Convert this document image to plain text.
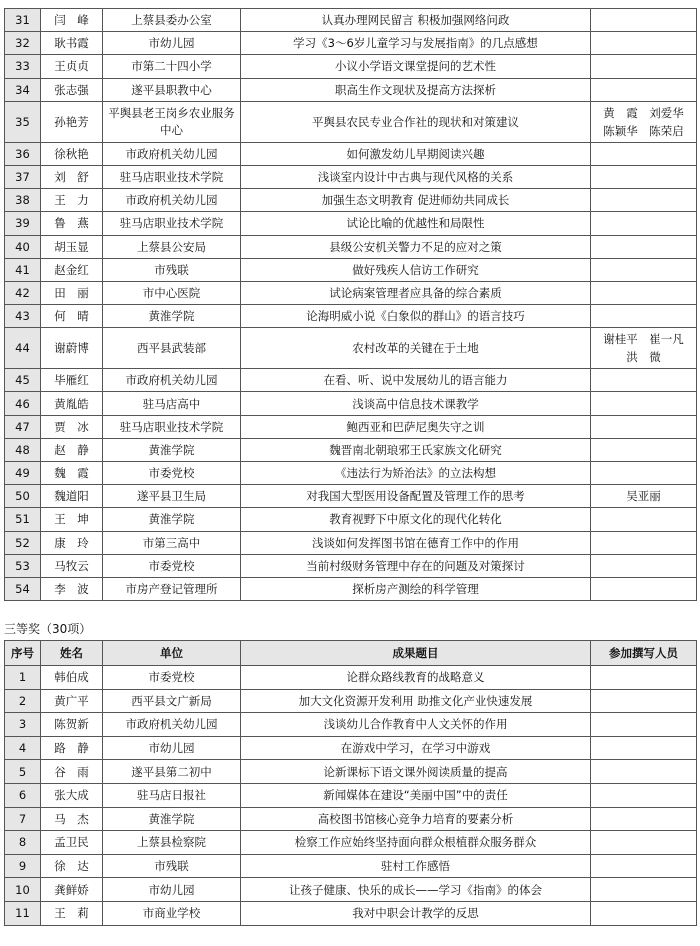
31	闫　峰	上蔡县委办公室	认真办理网民留言 积极加强网络问政	
32	耿书霞	市幼儿园	学习《3～6岁儿童学习与发展指南》的几点感想	
33	王贞贞	市第二十四小学	小议小学语文课堂提问的艺术性	
34	张志强	遂平县职教中心	职高生作文现状及提高方法探析	
35	孙艳芳	平舆县老王岗乡农业服务中心	平舆县农民专业合作社的现状和对策建议	黄　霞　刘爱华
陈颖华　陈荣启
36	徐秋艳	市政府机关幼儿园	如何激发幼儿早期阅读兴趣	
37	刘　舒	驻马店职业技术学院	浅谈室内设计中古典与现代风格的关系	
38	王　力	市政府机关幼儿园	加强生态文明教育 促进师幼共同成长	
39	鲁　燕	驻马店职业技术学院	试论比喻的优越性和局限性	
40	胡玉显	上蔡县公安局	县级公安机关警力不足的应对之策	
41	赵金红	市残联	做好残疾人信访工作研究	
42	田　丽	市中心医院	试论病案管理者应具备的综合素质	
43	何　晴	黄淮学院	论海明威小说《白象似的群山》的语言技巧	
44	谢蔚博	西平县武装部	农村改革的关键在于土地	谢桂平　崔一凡
洪　微
45	毕雁红	市政府机关幼儿园	在看、听、说中发展幼儿的语言能力	
46	黄胤皓	驻马店高中	浅谈高中信息技术课教学	
47	贾　冰	驻马店职业技术学院	鲍西亚和巴萨尼奥失守之训	
48	赵　静	黄淮学院	魏晋南北朝琅邪王氏家族文化研究	
49	魏　霞	市委党校	《违法行为矫治法》的立法构想	
50	魏道阳	遂平县卫生局	对我国大型医用设备配置及管理工作的思考	吴亚丽
51	王　坤	黄淮学院	教育视野下中原文化的现代化转化	
52	康　玲	市第三高中	浅谈如何发挥图书馆在德育工作中的作用	
53	马牧云	市委党校	当前村级财务管理中存在的问题及对策探讨	
54	李　波	市房产登记管理所	探析房产测绘的科学管理	
三等奖（30项）
序号	姓名	单位	成果题目	参加撰写人员
1	韩伯成	市委党校	论群众路线教育的战略意义	
2	黄广平	西平县文广新局	加大文化资源开发利用 助推文化产业快速发展	
3	陈贺新	市政府机关幼儿园	浅谈幼儿合作教育中人文关怀的作用	
4	路　静	市幼儿园	在游戏中学习，在学习中游戏	
5	谷　雨	遂平县第二初中	论新课标下语文课外阅读质量的提高	
6	张大成	驻马店日报社	新闻媒体在建设“美丽中国”中的责任	
7	马　杰	黄淮学院	高校图书馆核心竞争力培育的要素分析	
8	孟卫民	上蔡县检察院	检察工作应始终坚持面向群众根植群众服务群众	
9	徐　达	市残联	驻村工作感悟	
10	龚鲜娇	市幼儿园	让孩子健康、快乐的成长——学习《指南》的体会	
11	王　莉	市商业学校	我对中职会计教学的反思	
